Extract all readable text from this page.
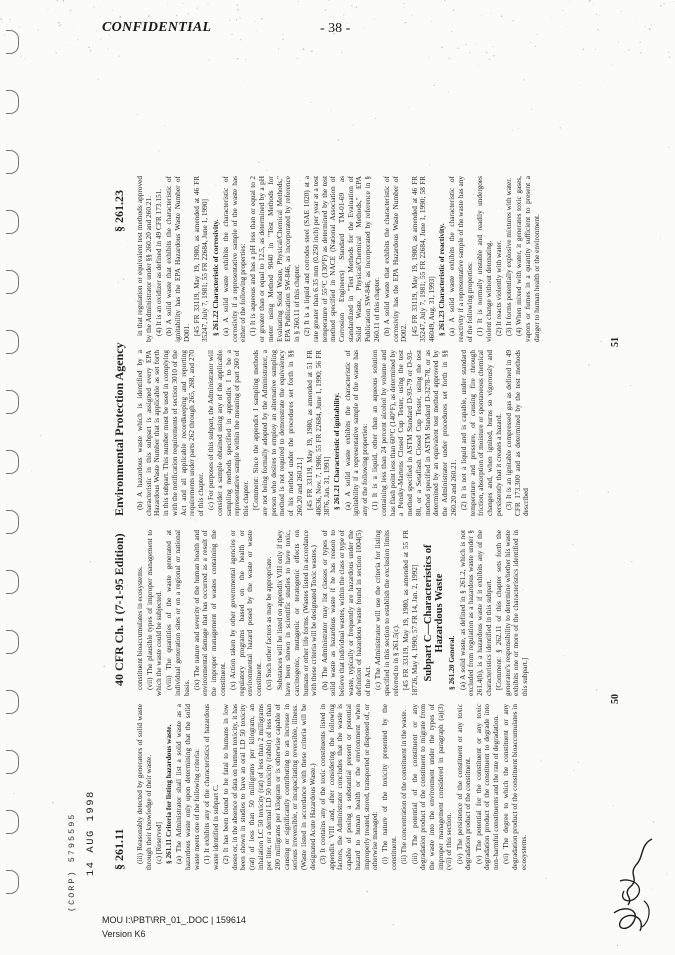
CONFIDENTIAL	- 38 -
§ 261.11
40 CFR Ch. I (7-1-95 Edition)
Environmental Protection Agency
§ 261.23

(iii) Reasonably detected by generators of solid waste through their knowledge of their waste. (c) [Reserved] § 261.11 Criteria for listing hazardous waste. (a) The Administrator shall list a solid waste as a hazardous waste only upon determining that the solid waste meets one of the following criteria: (1) It exhibits any of the characteristics of hazardous waste identified in subpart C. (2) It has been found to be fatal to humans in low doses or, in the absence of data on human toxicity, it has been shown in studies to have an oral LD 50 toxicity (rat) of less than 50 milligrams per kilogram, an inhalation LC 50 toxicity (rat) of less than 2 milligrams per liter, or a dermal LD 50 toxicity (rabbit) of less than 200 milligrams per kilogram or is otherwise capable of causing or significantly contributing to an increase in serious irreversible, or incapacitating reversible, illness. (Waste listed in accordance with these criteria will be designated Acute Hazardous Waste.) (3) It contains any of the toxic constituents listed in appendix VIII and, after considering the following factors, the Administrator concludes that the waste is capable of posing a substantial present or potential hazard to human health or the environment when improperly treated, stored, transported or disposed of, or otherwise managed: (i) The nature of the toxicity presented by the constituent. (ii) The concentration of the constituent in the waste. (iii) The potential of the constituent or any degradation product of the constituent to migrate from the waste into the environment under the types of improper management considered in paragraph (a)(3)(vii) of this section. (iv) The persistence of the constituent or any toxic degradation product of the constituent. (v) The potential for the constituent or any toxic degradation product of the constituent to degrade into non-harmful constituents and the rate of degradation. (vi) The degree to which the constituent or any degradation product of the constituent bioaccumulates in ecosystems.

constituent bioaccumulates in ecosystems. (vii) The plausible types of improper management to which the waste could be subjected. (viii) The quantities of the waste generated at individual generation sites or on a regional or national basis. (ix) The nature and severity of the human health and environmental damage that has occurred as a result of the improper management of wastes containing the constituent. (x) Action taken by other governmental agencies or regulatory programs based on the health or environmental hazard posed by the waste or waste constituent. (xi) Such other factors as may be appropriate. Substances will be listed on appendix VIII only if they have been shown in scientific studies to have toxic, carcinogenic, mutagenic or teratogenic effects on humans or other life forms. (Wastes listed in accordance with these criteria will be designated Toxic wastes.) (b) The Administrator may list classes or types of solid waste as hazardous waste if he has reason to believe that individual wastes, within the class or type of waste, typically or frequently are hazardous under the definition of hazardous waste found in section 1004(5) of the Act. (c) The Administrator will use the criteria for listing specified in this section to establish the exclusion limits referred to in § 261.5(c). [45 FR 33119, May 19, 1980, as amended at 55 FR 18726, May 4, 1990; 57 FR 14, Jan. 2, 1992] Subpart C—Characteristics of Hazardous Waste

§ 261.20 General. (a) A solid waste, as defined in § 261.2, which is not excluded from regulation as a hazardous waste under § 261.4(b), is a hazardous waste if it exhibits any of the characteristics identified in this subpart. [Comment: § 262.11 of this chapter sets forth the generator's responsibility to determine whether his waste exhibits one or more of the characteristics identified in this subpart.]

(b) A hazardous waste which is identified by a characteristic in this subpart is assigned every EPA Hazardous Waste Number that is applicable as set forth in this subpart. This number must be used in complying with the notification requirements of section 3010 of the Act and all applicable recordkeeping and reporting requirements under parts 262 through 265, 268, and 270 of this chapter. (c) For purposes of this subpart, the Administrator will consider a sample obtained using any of the applicable sampling methods specified in appendix I to be a representative sample within the meaning of part 260 of this chapter. [Comment: Since the appendix I sampling methods are not being formally adopted by the Administrator, a person who desires to employ an alternative sampling method is not required to demonstrate the equivalency of his method under the procedures set forth in §§ 260.20 and 260.21.] [45 FR 33119, May 19, 1980, as amended at 51 FR 40636, Nov. 7, 1986; 55 FR 22684, June 1, 1990; 56 FR 3876, Jan. 31, 1991] § 261.21 Characteristic of ignitability. (a) A solid waste exhibits the characteristic of ignitability if a representative sample of the waste has any of the following properties: (1) It is a liquid, other than an aqueous solution containing less than 24 percent alcohol by volume and has flash point less than 60°C (140°F), as determined by a Pensky-Martens Closed Cup Tester, using the test method specified in ASTM Standard D-93-79 or D-93-80, or a Setaflash Closed Cup Tester, using the test method specified in ASTM Standard D-3278-78, or as determined by an equivalent test method approved by the Administrator under procedures set forth in §§ 260.20 and 260.21. (2) It is not a liquid and is capable, under standard temperature and pressure, of causing fire through friction, absorption of moisture or spontaneous chemical changes and, when ignited, burns so vigorously and persistently that it creates a hazard. (3) It is an ignitable compressed gas as defined in 49 CFR 173.300 and as determined by the test methods described

in that regulation or equivalent test methods approved by the Administrator under §§ 260.20 and 260.21. (4) It is an oxidizer as defined in 49 CFR 173.151. (b) A solid waste that exhibits the characteristic of ignitability has the EPA Hazardous Waste Number of D001. [45 FR 33119, May 19, 1980, as amended at 46 FR 35247, July 7, 1981; 55 FR 22684, June 1, 1990] § 261.22 Characteristic of corrosivity. (a) A solid waste exhibits the characteristic of corrosivity if a representative sample of the waste has either of the following properties: (1) It is aqueous and has a pH less than or equal to 2 or greater than or equal to 12.5, as determined by a pH meter using Method 9040 in "Test Methods for Evaluating Solid Waste, Physical/Chemical Methods," EPA Publication SW-846, as incorporated by reference in § 260.11 of this chapter. (2) It is a liquid and corrodes steel (SAE 1020) at a rate greater than 6.35 mm (0.250 inch) per year at a test temperature of 55°C (130°F) as determined by the test method specified in NACE (National Association of Corrosion Engineers) Standard TM-01-69 as standardized in "Test Methods for the Evaluation of Solid Waste, Physical/Chemical Methods," EPA Publication SW-846, as incorporated by reference in § 260.11 of this chapter. (b) A solid waste that exhibits the characteristic of corrosivity has the EPA Hazardous Waste Number of D002. [45 FR 33119, May 19, 1980, as amended at 46 FR 35247, July 7, 1981; 55 FR 22684, June 1, 1990; 58 FR 46049, Aug. 31, 1993] § 261.23 Characteristic of reactivity. (a) A solid waste exhibits the characteristic of reactivity if a representative sample of the waste has any of the following properties: (1) It is normally unstable and readily undergoes violent change without detonating. (2) It reacts violently with water. (3) It forms potentially explosive mixtures with water. (4) When mixed with water, it generates toxic gases, vapors or fumes in a quantity sufficient to present a danger to human health or the environment.

50
51
(CORP) 5795595 14 AUG 1998
MOU I:\PBT\RR_01_.DOC | 159614
Version K6
